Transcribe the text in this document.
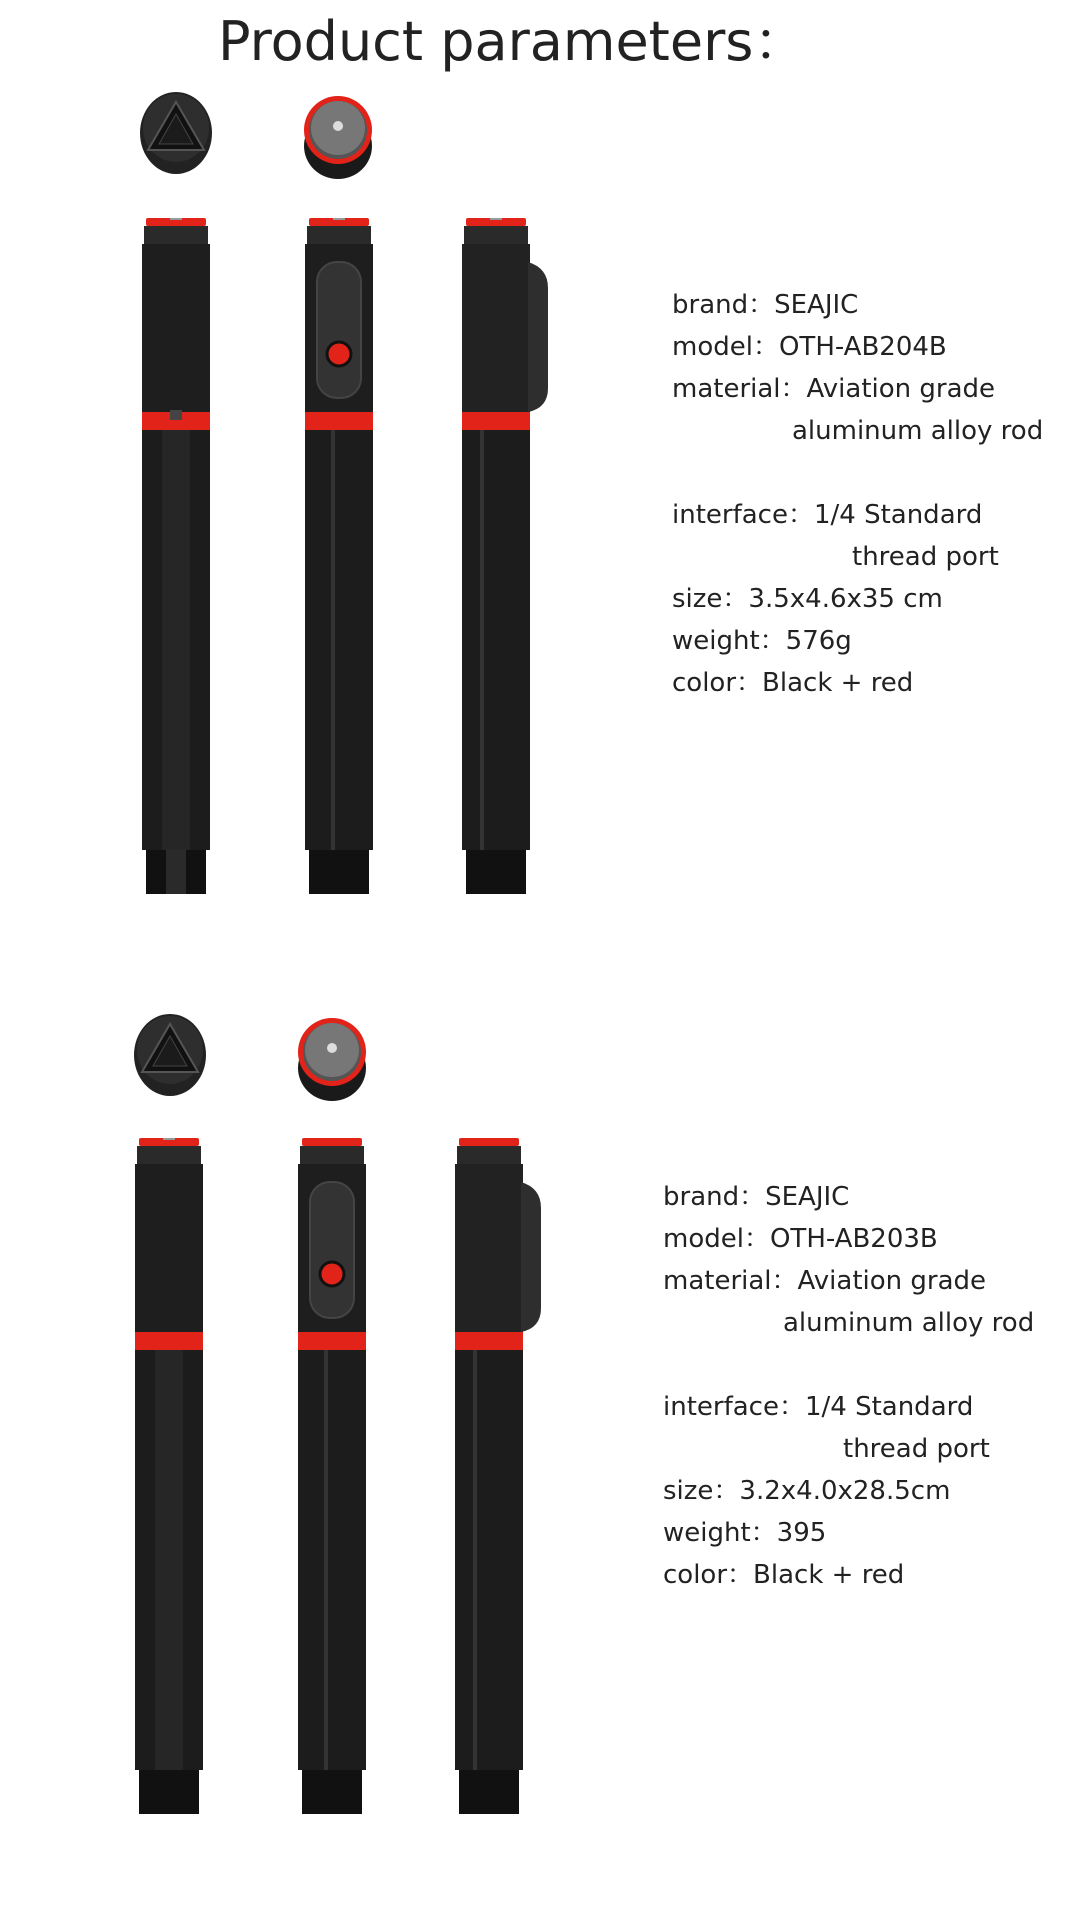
Product parameters：
brand： SEAJIC
model： OTH-AB204B
material： Aviation grade
aluminum alloy rod
interface： 1/4 Standard
thread port
size： 3.5x4.6x35 cm
weight： 576g
color： Black + red
brand： SEAJIC
model： OTH-AB203B
material： Aviation grade
aluminum alloy rod
interface： 1/4 Standard
thread port
size： 3.2x4.0x28.5cm
weight： 395
color： Black + red
